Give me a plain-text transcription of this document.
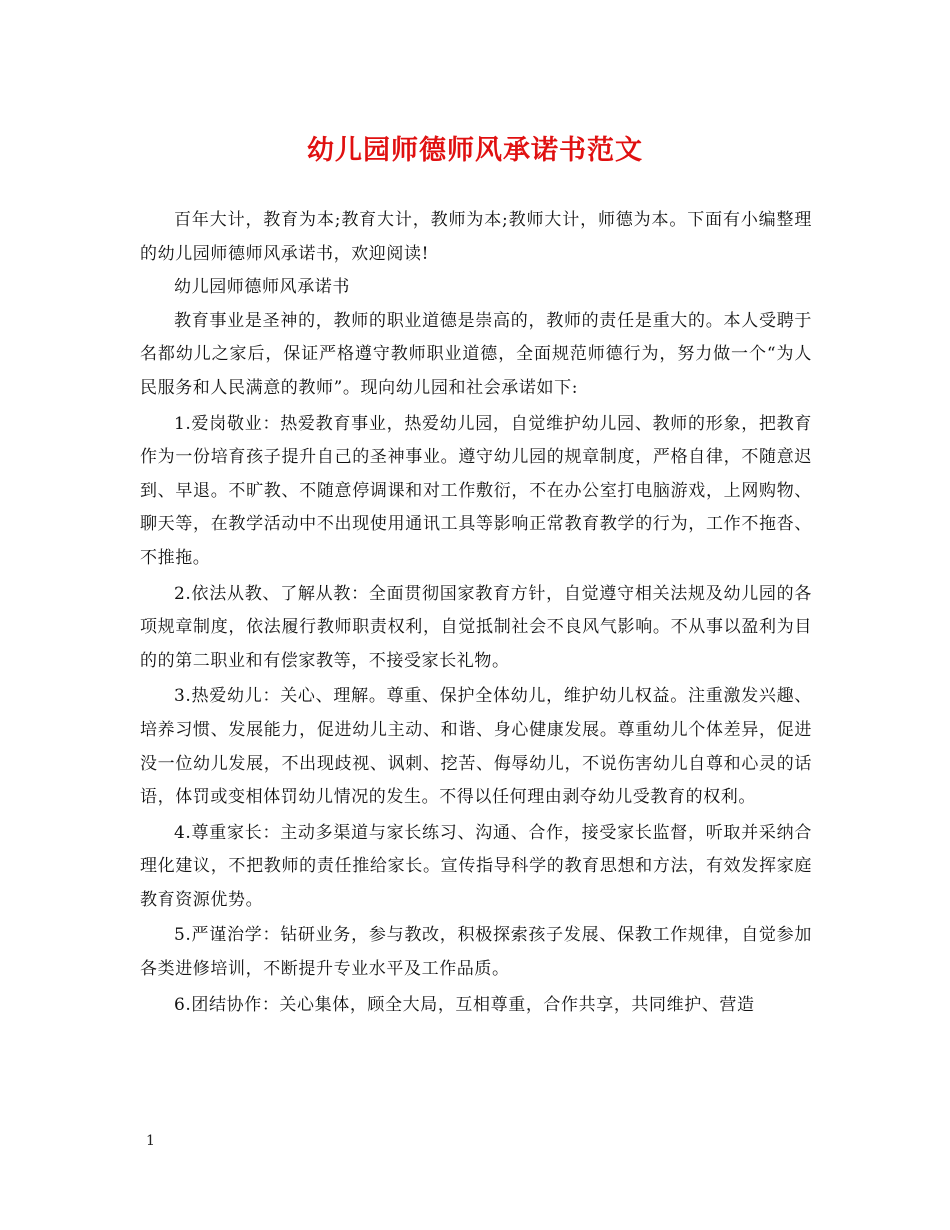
幼儿园师德师风承诺书范文

百年大计，教育为本;教育大计，教师为本;教师大计，师德为本。下面有小编整理的幼儿园师德师风承诺书，欢迎阅读!

幼儿园师德师风承诺书

教育事业是圣神的，教师的职业道德是崇高的，教师的责任是重大的。本人受聘于名都幼儿之家后，保证严格遵守教师职业道德，全面规范师德行为，努力做一个“为人民服务和人民满意的教师”。现向幼儿园和社会承诺如下:

1.爱岗敬业：热爱教育事业，热爱幼儿园，自觉维护幼儿园、教师的形象，把教育作为一份培育孩子提升自己的圣神事业。遵守幼儿园的规章制度，严格自律，不随意迟到、早退。不旷教、不随意停调课和对工作敷衍，不在办公室打电脑游戏，上网购物、聊天等，在教学活动中不出现使用通讯工具等影响正常教育教学的行为，工作不拖沓、不推拖。

2.依法从教、了解从教：全面贯彻国家教育方针，自觉遵守相关法规及幼儿园的各项规章制度，依法履行教师职责权利，自觉抵制社会不良风气影响。不从事以盈利为目的的第二职业和有偿家教等，不接受家长礼物。

3.热爱幼儿：关心、理解。尊重、保护全体幼儿，维护幼儿权益。注重激发兴趣、培养习惯、发展能力，促进幼儿主动、和谐、身心健康发展。尊重幼儿个体差异，促进没一位幼儿发展，不出现歧视、讽刺、挖苦、侮辱幼儿，不说伤害幼儿自尊和心灵的话语，体罚或变相体罚幼儿情况的发生。不得以任何理由剥夺幼儿受教育的权利。

4.尊重家长：主动多渠道与家长练习、沟通、合作，接受家长监督，听取并采纳合理化建议，不把教师的责任推给家长。宣传指导科学的教育思想和方法，有效发挥家庭教育资源优势。

5.严谨治学：钻研业务，参与教改，积极探索孩子发展、保教工作规律，自觉参加各类进修培训，不断提升专业水平及工作品质。

6.团结协作：关心集体，顾全大局，互相尊重，合作共享，共同维护、营造

1
